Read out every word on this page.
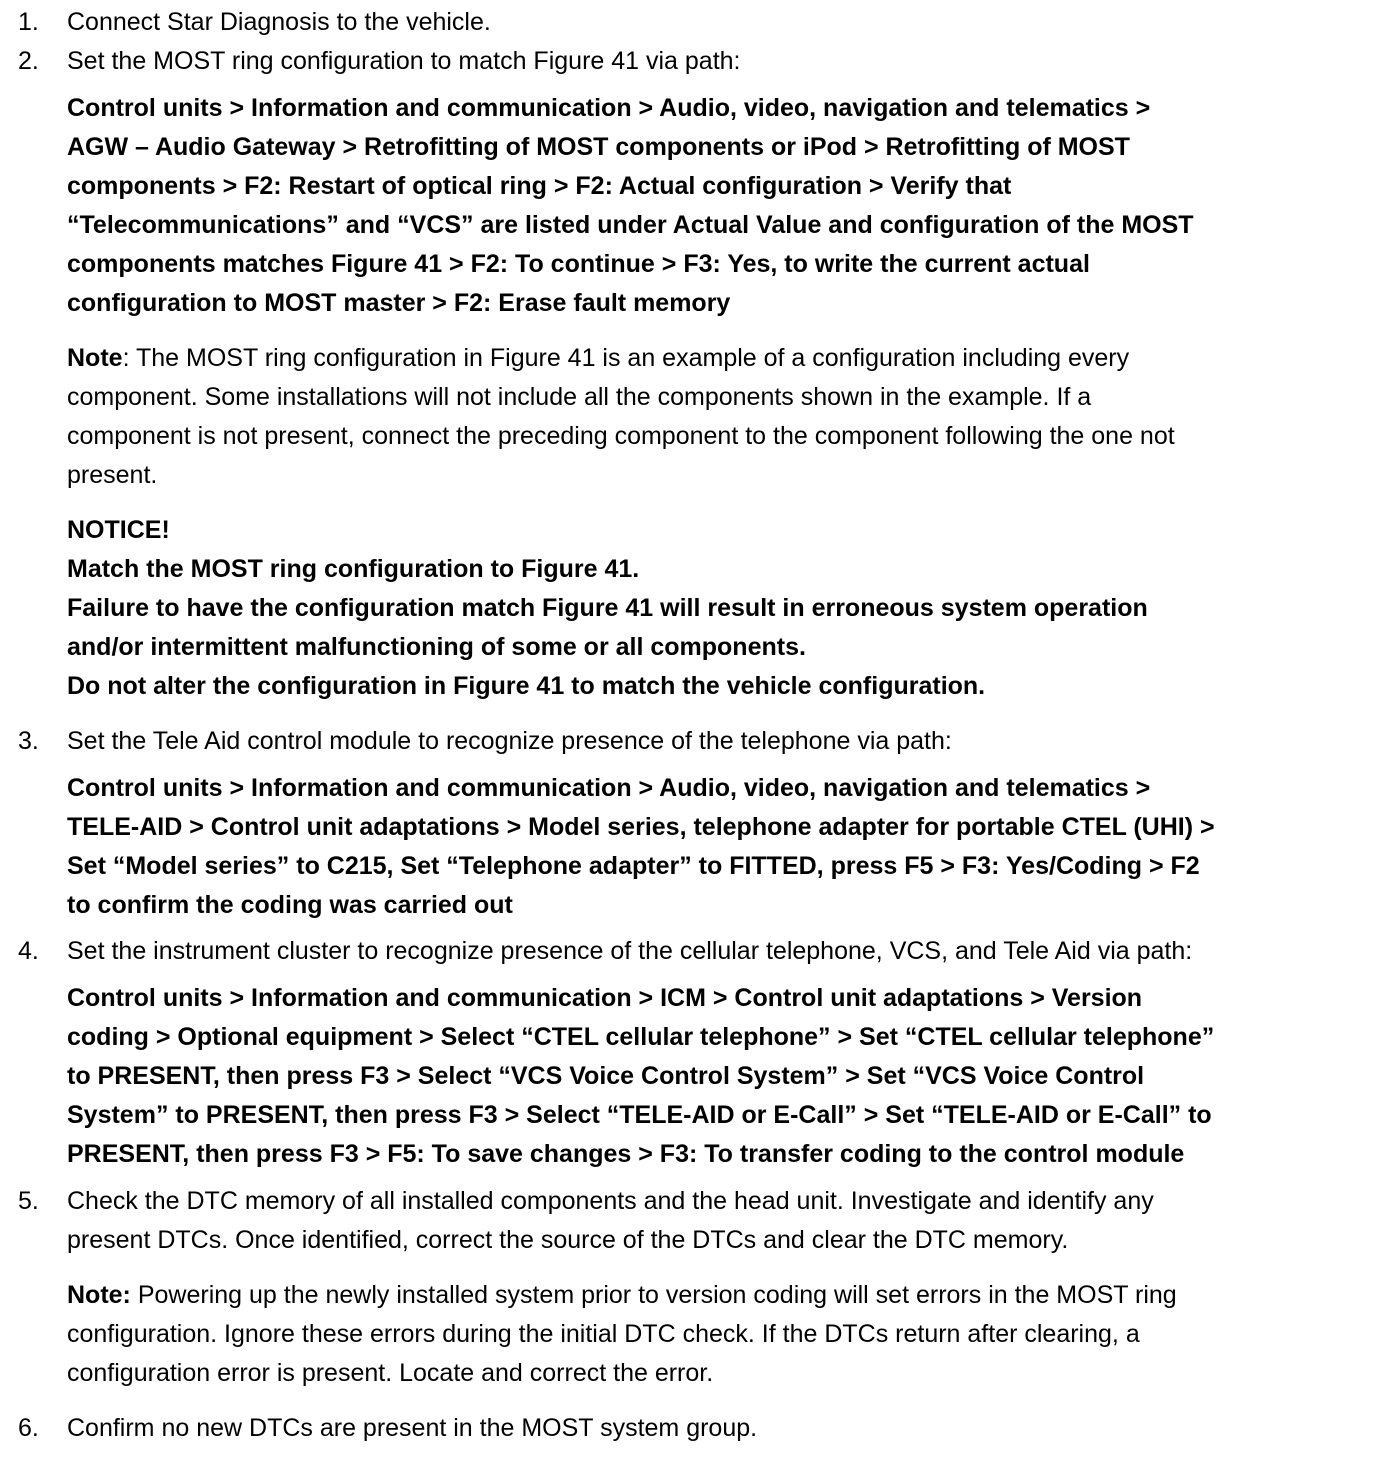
1.	Connect Star Diagnosis to the vehicle.
2.	Set the MOST ring configuration to match Figure 41 via path:
Control units > Information and communication > Audio, video, navigation and telematics >
AGW – Audio Gateway > Retrofitting of MOST components or iPod > Retrofitting of MOST
components > F2: Restart of optical ring > F2: Actual configuration > Verify that
“Telecommunications” and “VCS” are listed under Actual Value and configuration of the MOST
components matches Figure 41 > F2: To continue > F3: Yes, to write the current actual
configuration to MOST master > F2: Erase fault memory
Note: The MOST ring configuration in Figure 41 is an example of a configuration including every
component. Some installations will not include all the components shown in the example. If a
component is not present, connect the preceding component to the component following the one not
present.
NOTICE!
Match the MOST ring configuration to Figure 41.
Failure to have the configuration match Figure 41 will result in erroneous system operation
and/or intermittent malfunctioning of some or all components.
Do not alter the configuration in Figure 41 to match the vehicle configuration.
3.	Set the Tele Aid control module to recognize presence of the telephone via path:
Control units > Information and communication > Audio, video, navigation and telematics >
TELE-AID > Control unit adaptations > Model series, telephone adapter for portable CTEL (UHI) >
Set “Model series” to C215, Set “Telephone adapter” to FITTED, press F5 > F3: Yes/Coding > F2
to confirm the coding was carried out
4.	Set the instrument cluster to recognize presence of the cellular telephone, VCS, and Tele Aid via path:
Control units > Information and communication > ICM > Control unit adaptations > Version
coding > Optional equipment > Select “CTEL cellular telephone” > Set “CTEL cellular telephone”
to PRESENT, then press F3 > Select “VCS Voice Control System” > Set “VCS Voice Control
System” to PRESENT, then press F3 > Select “TELE-AID or E-Call” > Set “TELE-AID or E-Call” to
PRESENT, then press F3 > F5: To save changes > F3: To transfer coding to the control module
5.	Check the DTC memory of all installed components and the head unit. Investigate and identify any
present DTCs. Once identified, correct the source of the DTCs and clear the DTC memory.
Note: Powering up the newly installed system prior to version coding will set errors in the MOST ring
configuration. Ignore these errors during the initial DTC check. If the DTCs return after clearing, a
configuration error is present. Locate and correct the error.
6.	Confirm no new DTCs are present in the MOST system group.
